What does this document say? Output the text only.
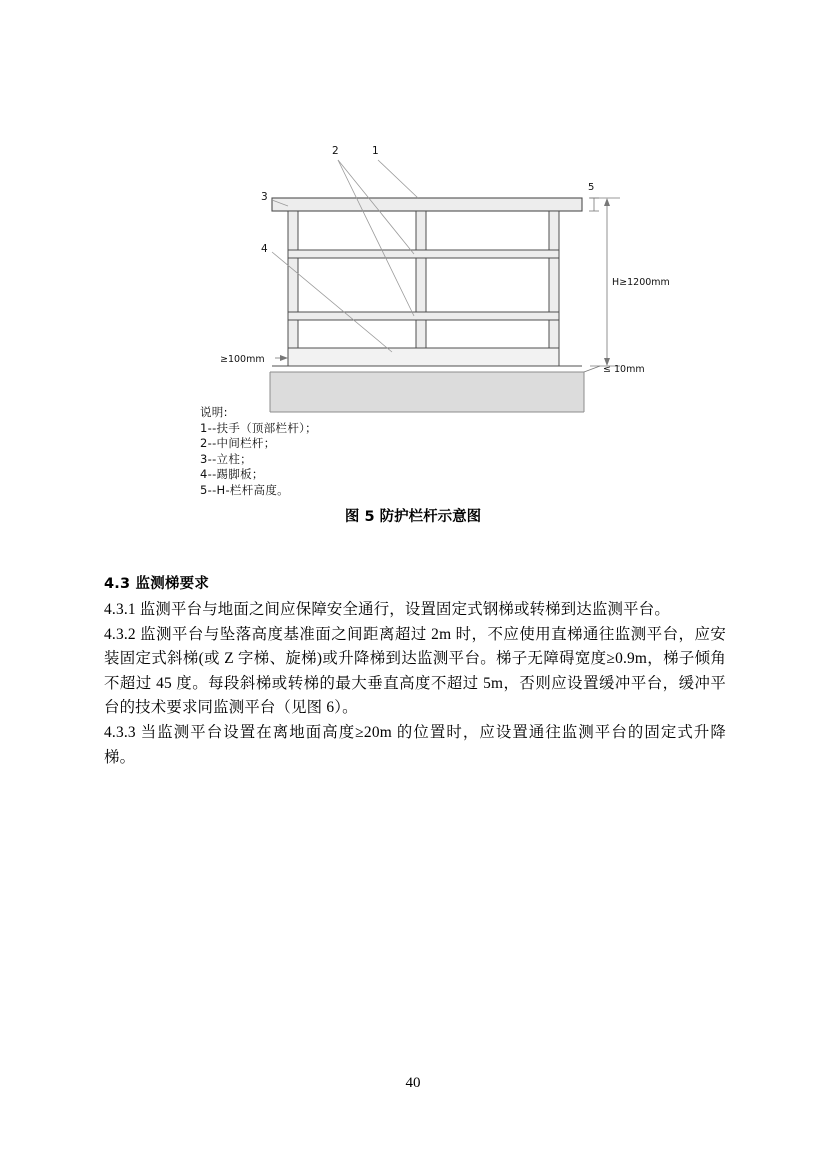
H≥1200mm
5
≥100mm
≤ 10mm
1
2
3
4
说明:
1--扶手（顶部栏杆）；
2--中间栏杆；
3--立柱；
4--踢脚板；
5--H-栏杆高度。
图 5 防护栏杆示意图

4.3 监测梯要求

4.3.1 监测平台与地面之间应保障安全通行，设置固定式钢梯或转梯到达监测平台。

4.3.2 监测平台与坠落高度基准面之间距离超过 2m 时，不应使用直梯通往监测平台，应安装固定式斜梯(或 Z 字梯、旋梯)或升降梯到达监测平台。梯子无障碍宽度≥0.9m，梯子倾角不超过 45 度。每段斜梯或转梯的最大垂直高度不超过 5m，否则应设置缓冲平台，缓冲平台的技术要求同监测平台（见图 6）。

4.3.3 当监测平台设置在离地面高度≥20m 的位置时，应设置通往监测平台的固定式升降梯。

40
